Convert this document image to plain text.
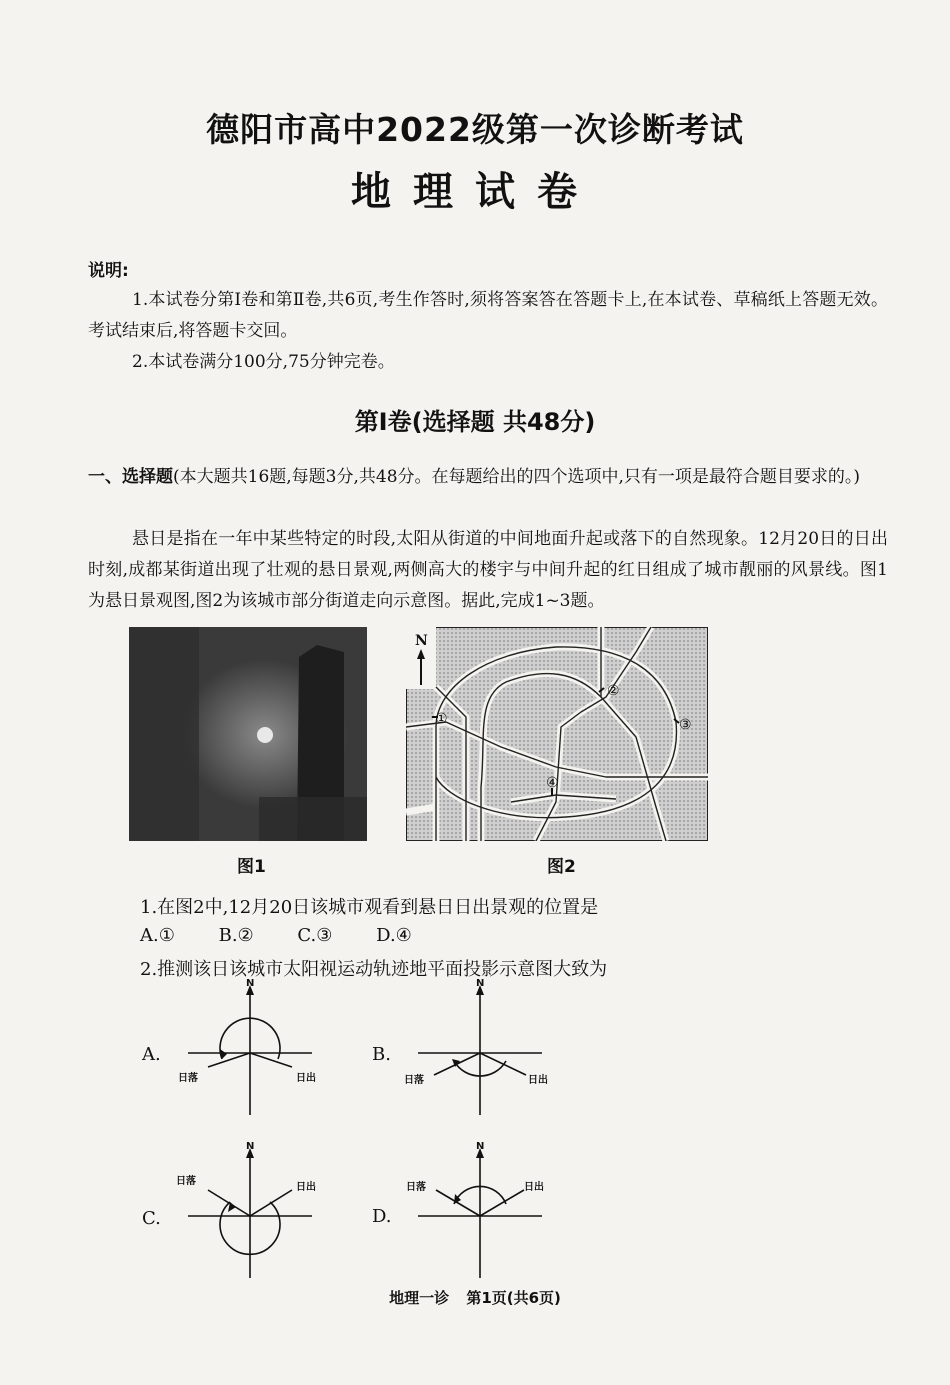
德阳市高中2022级第一次诊断考试
地理试卷
说明:
1.本试卷分第Ⅰ卷和第Ⅱ卷,共6页,考生作答时,须将答案答在答题卡上,在本试卷、草稿纸上答题无效。考试结束后,将答题卡交回。
2.本试卷满分100分,75分钟完卷。
第Ⅰ卷(选择题 共48分)
一、选择题(本大题共16题,每题3分,共48分。在每题给出的四个选项中,只有一项是最符合题目要求的。)
悬日是指在一年中某些特定的时段,太阳从街道的中间地面升起或落下的自然现象。12月20日的日出时刻,成都某街道出现了壮观的悬日景观,两侧高大的楼宇与中间升起的红日组成了城市靓丽的风景线。图1为悬日景观图,图2为该城市部分街道走向示意图。据此,完成1~3题。
N
①
②
③
④
图1	图2
1.在图2中,12月20日该城市观看到悬日日出景观的位置是
A.① B.② C.③ D.④
2.推测该日该城市太阳视运动轨迹地平面投影示意图大致为
A.
N
日落	日出
B.
N
日落	日出
C.
N
日落
日出
D.
日落
N
日出
地理一诊 第1页(共6页)
